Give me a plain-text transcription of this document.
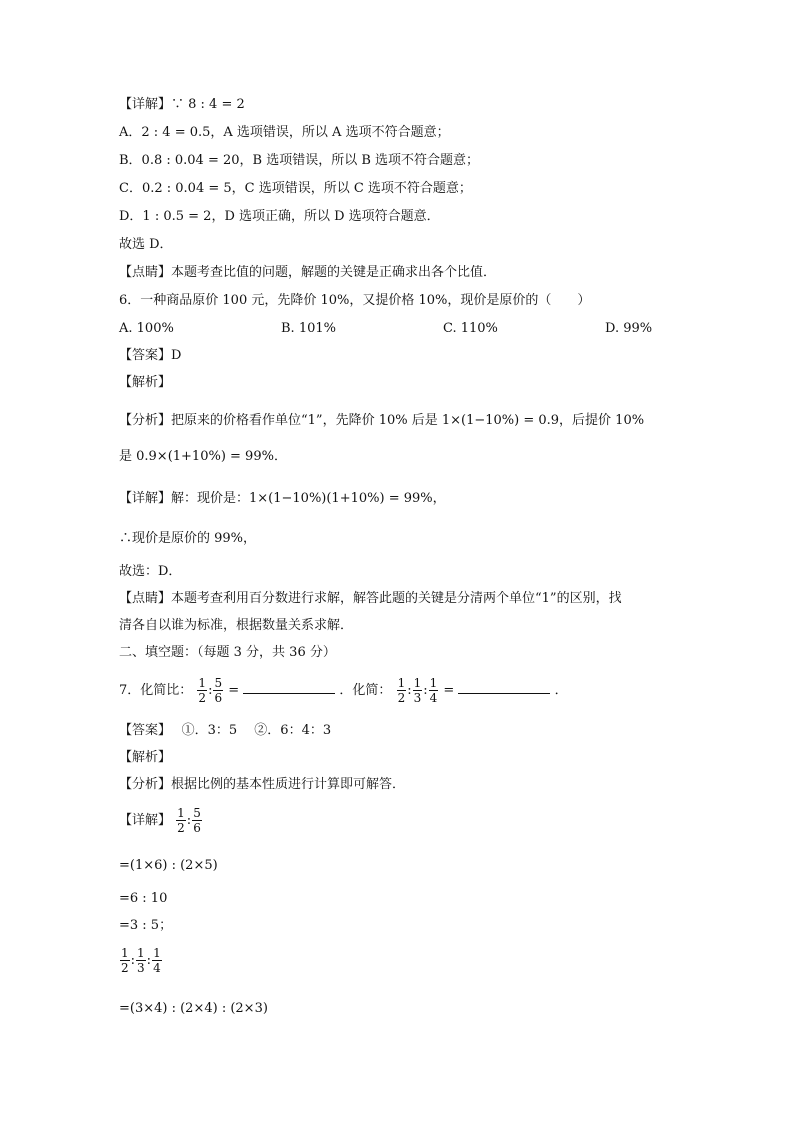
【详解】∵ 8 : 4 = 2
A．2 : 4 = 0.5，A 选项错误，所以 A 选项不符合题意；
B．0.8 : 0.04 = 20，B 选项错误，所以 B 选项不符合题意；
C．0.2 : 0.04 = 5，C 选项错误，所以 C 选项不符合题意；
D．1 : 0.5 = 2，D 选项正确，所以 D 选项符合题意．
故选 D．
【点睛】本题考查比值的问题，解题的关键是正确求出各个比值．
6．一种商品原价 100 元，先降价 10%，又提价格 10%，现价是原价的（　　）
A. 100%	B. 101%	C. 110%	D. 99%
【答案】D
【解析】
【分析】把原来的价格看作单位“1”，先降价 10% 后是 1×(1−10%) = 0.9，后提价 10%
是 0.9×(1+10%) = 99%．
【详解】解：现价是：1×(1−10%)(1+10%) = 99%，
∴现价是原价的 99%，
故选：D．
【点睛】本题考查利用百分数进行求解，解答此题的关键是分清两个单位“1”的区别，找
清各自以谁为标准，根据数量关系求解．
二、填空题：（每题 3 分，共 36 分）
7．化简比： $\frac{1}{2}$ : $\frac{5}{6}$ =	．化简： $\frac{1}{2}$ : $\frac{1}{3}$ : $\frac{1}{4}$ =	．
【答案】　 ①．3：5　 ②．6：4：3
【解析】
【分析】根据比例的基本性质进行计算即可解答．
【详解】 $\frac{1}{2}$ : $\frac{5}{6}$
=(1×6) : (2×5)
=6 : 10
=3 : 5；
$\frac{1}{2}$ : $\frac{1}{3}$ : $\frac{1}{4}$
=(3×4) : (2×4) : (2×3)
